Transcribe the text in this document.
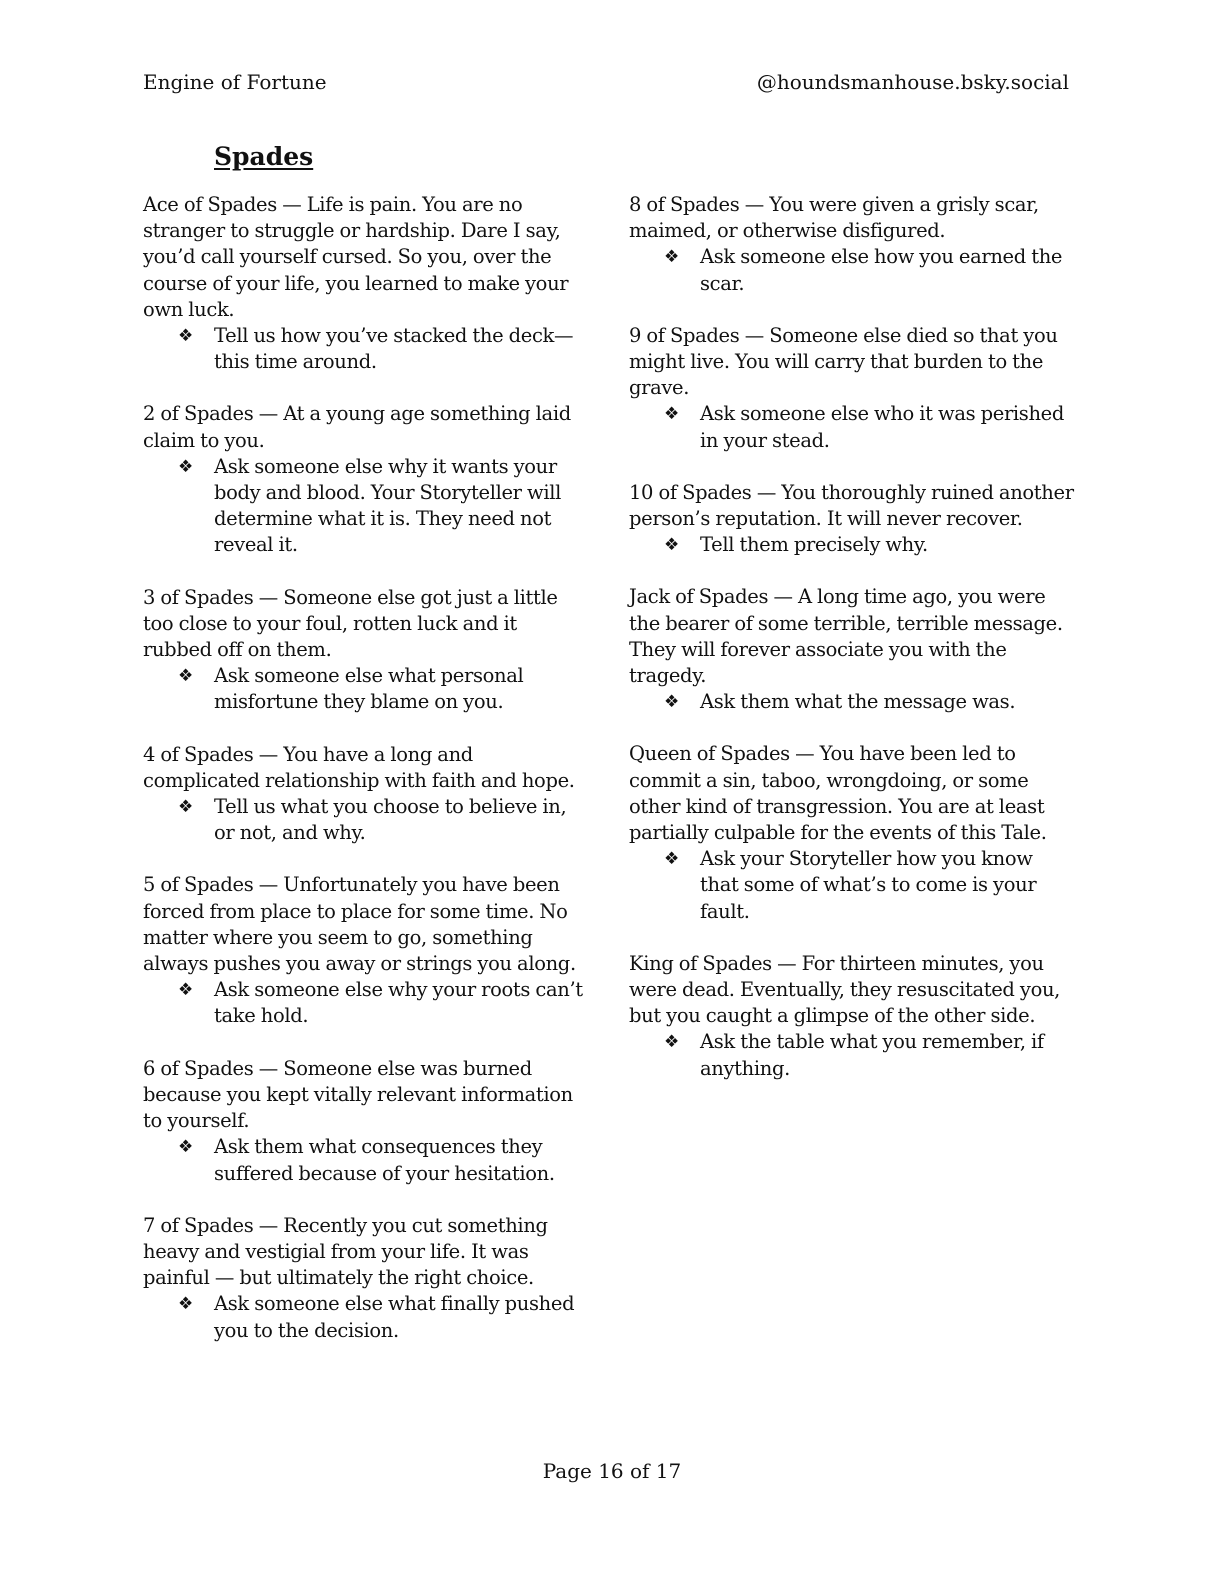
Engine of Fortune	@houndsmanhouse.bsky.social
Spades

Ace of Spades — Life is pain. You are no stranger to struggle or hardship. Dare I say, you’d call yourself cursed. So you, over the course of your life, you learned to make your own luck.

❖ Tell us how you’ve stacked the deck—this time around.

2 of Spades — At a young age something laid claim to you.

❖ Ask someone else why it wants your body and blood. Your Storyteller will determine what it is. They need not reveal it.

3 of Spades — Someone else got just a little too close to your foul, rotten luck and it rubbed off on them.

❖ Ask someone else what personal misfortune they blame on you.

4 of Spades — You have a long and complicated relationship with faith and hope.

❖ Tell us what you choose to believe in, or not, and why.

5 of Spades — Unfortunately you have been forced from place to place for some time. No matter where you seem to go, something always pushes you away or strings you along.

❖ Ask someone else why your roots can’t take hold.

6 of Spades — Someone else was burned because you kept vitally relevant information to yourself.

❖ Ask them what consequences they suffered because of your hesitation.

7 of Spades — Recently you cut something heavy and vestigial from your life. It was painful — but ultimately the right choice.

❖ Ask someone else what finally pushed you to the decision.

8 of Spades — You were given a grisly scar, maimed, or otherwise disfigured.

❖ Ask someone else how you earned the scar.

9 of Spades — Someone else died so that you might live. You will carry that burden to the grave.

❖ Ask someone else who it was perished in your stead.

10 of Spades — You thoroughly ruined another person’s reputation. It will never recover.

❖ Tell them precisely why.

Jack of Spades — A long time ago, you were the bearer of some terrible, terrible message. They will forever associate you with the tragedy.

❖ Ask them what the message was.

Queen of Spades — You have been led to commit a sin, taboo, wrongdoing, or some other kind of transgression. You are at least partially culpable for the events of this Tale.

❖ Ask your Storyteller how you know that some of what’s to come is your fault.

King of Spades — For thirteen minutes, you were dead. Eventually, they resuscitated you, but you caught a glimpse of the other side.

❖ Ask the table what you remember, if anything.

Page 16 of 17
